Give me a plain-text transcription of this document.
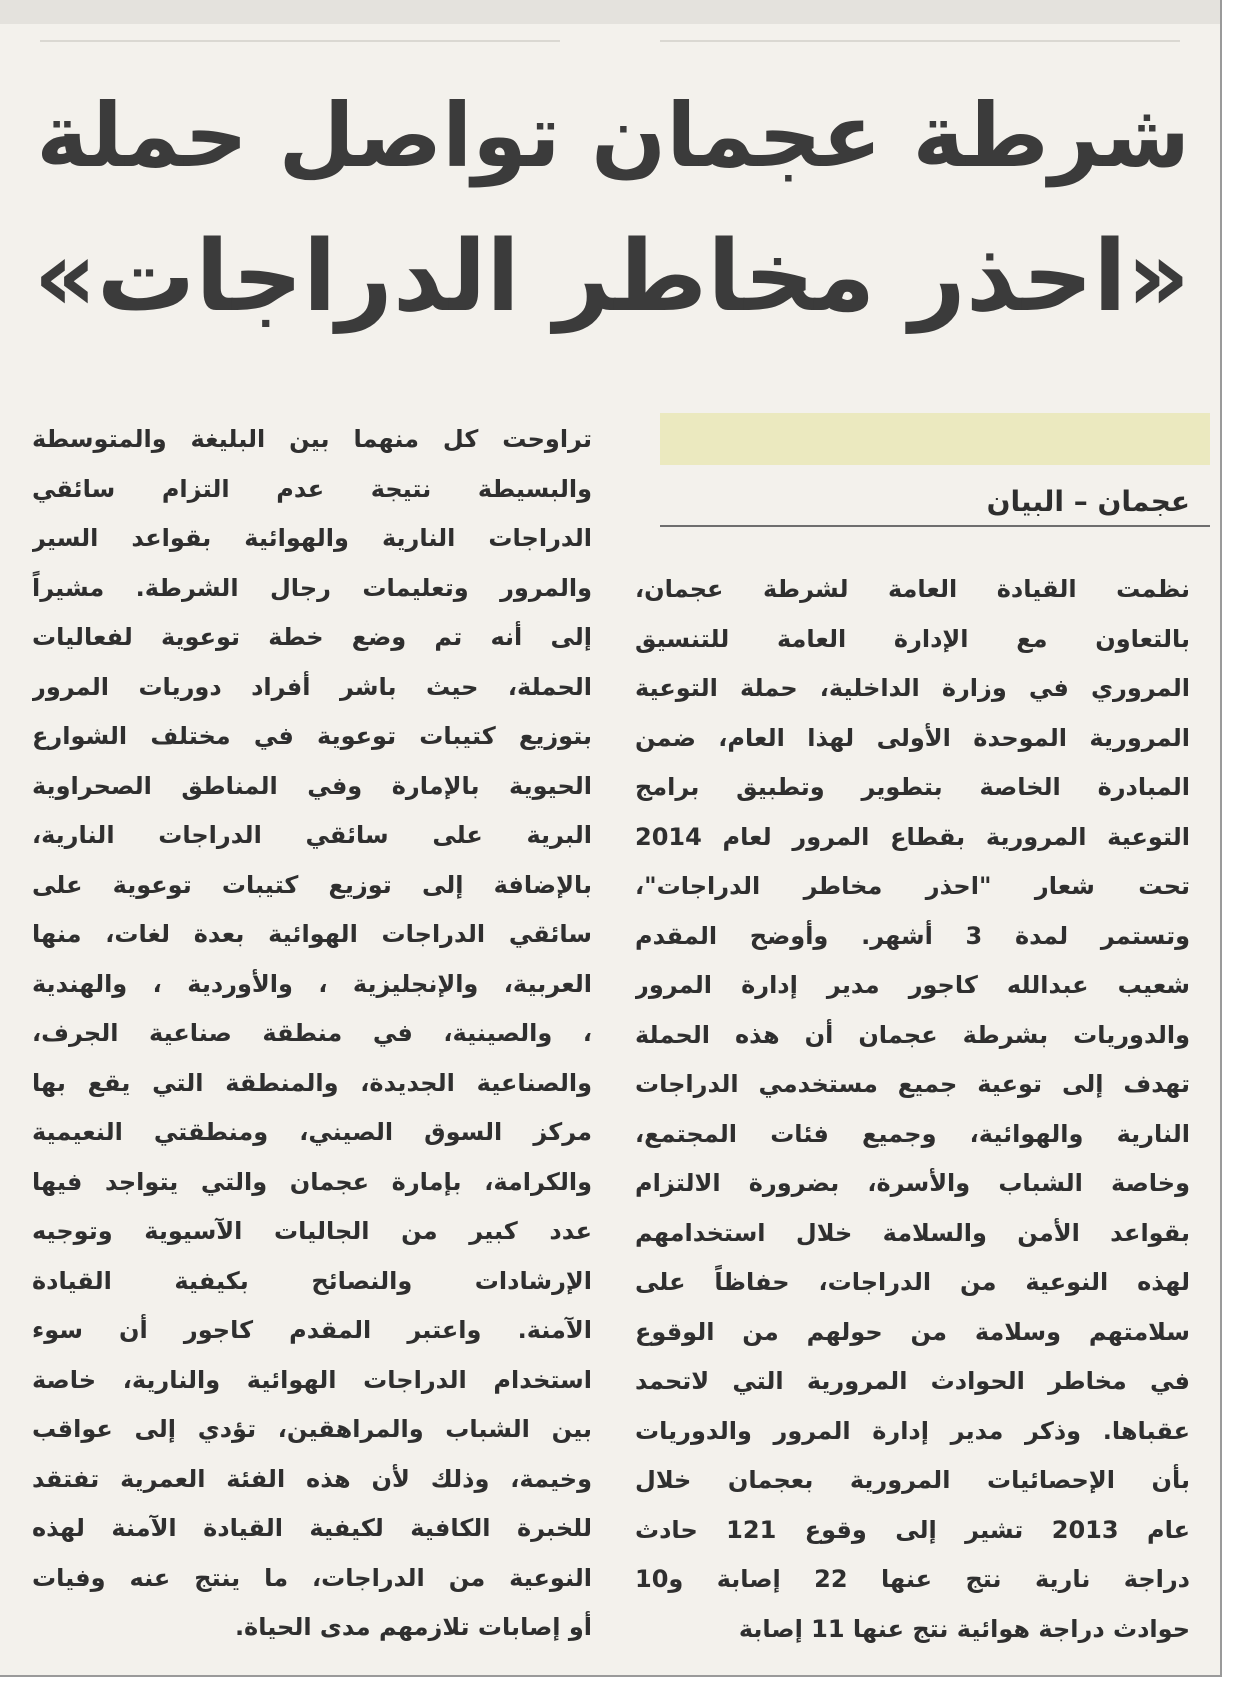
شرطة عجمان تواصل حملة
«احذر مخاطر الدراجات»
عجمان – البيان
نظمت القيادة العامة لشرطة عجمان،
بالتعاون مع الإدارة العامة للتنسيق
المروري في وزارة الداخلية، حملة التوعية
المرورية الموحدة الأولى لهذا العام، ضمن
المبادرة الخاصة بتطوير وتطبيق برامج
التوعية المرورية بقطاع المرور لعام 2014
تحت شعار "احذر مخاطر الدراجات"،
وتستمر لمدة 3 أشهر. وأوضح المقدم
شعيب عبدالله كاجور مدير إدارة المرور
والدوريات بشرطة عجمان أن هذه الحملة
تهدف إلى توعية جميع مستخدمي الدراجات
النارية والهوائية، وجميع فئات المجتمع،
وخاصة الشباب والأسرة، بضرورة الالتزام
بقواعد الأمن والسلامة خلال استخدامهم
لهذه النوعية من الدراجات، حفاظاً على
سلامتهم وسلامة من حولهم من الوقوع
في مخاطر الحوادث المرورية التي لاتحمد
عقباها. وذكر مدير إدارة المرور والدوريات
بأن الإحصائيات المرورية بعجمان خلال
عام 2013 تشير إلى وقوع 121 حادث
دراجة نارية نتج عنها 22 إصابة و10
حوادث دراجة هوائية نتج عنها 11 إصابة
تراوحت كل منهما بين البليغة والمتوسطة
والبسيطة نتيجة عدم التزام سائقي
الدراجات النارية والهوائية بقواعد السير
والمرور وتعليمات رجال الشرطة. مشيراً
إلى أنه تم وضع خطة توعوية لفعاليات
الحملة، حيث باشر أفراد دوريات المرور
بتوزيع كتيبات توعوية في مختلف الشوارع
الحيوية بالإمارة وفي المناطق الصحراوية
البرية على سائقي الدراجات النارية،
بالإضافة إلى توزيع كتيبات توعوية على
سائقي الدراجات الهوائية بعدة لغات، منها
العربية، والإنجليزية ، والأوردية ، والهندية
، والصينية، في منطقة صناعية الجرف،
والصناعية الجديدة، والمنطقة التي يقع بها
مركز السوق الصيني، ومنطقتي النعيمية
والكرامة، بإمارة عجمان والتي يتواجد فيها
عدد كبير من الجاليات الآسيوية وتوجيه
الإرشادات والنصائح بكيفية القيادة
الآمنة. واعتبر المقدم كاجور أن سوء
استخدام الدراجات الهوائية والنارية، خاصة
بين الشباب والمراهقين، تؤدي إلى عواقب
وخيمة، وذلك لأن هذه الفئة العمرية تفتقد
للخبرة الكافية لكيفية القيادة الآمنة لهذه
النوعية من الدراجات، ما ينتج عنه وفيات
أو إصابات تلازمهم مدى الحياة.
